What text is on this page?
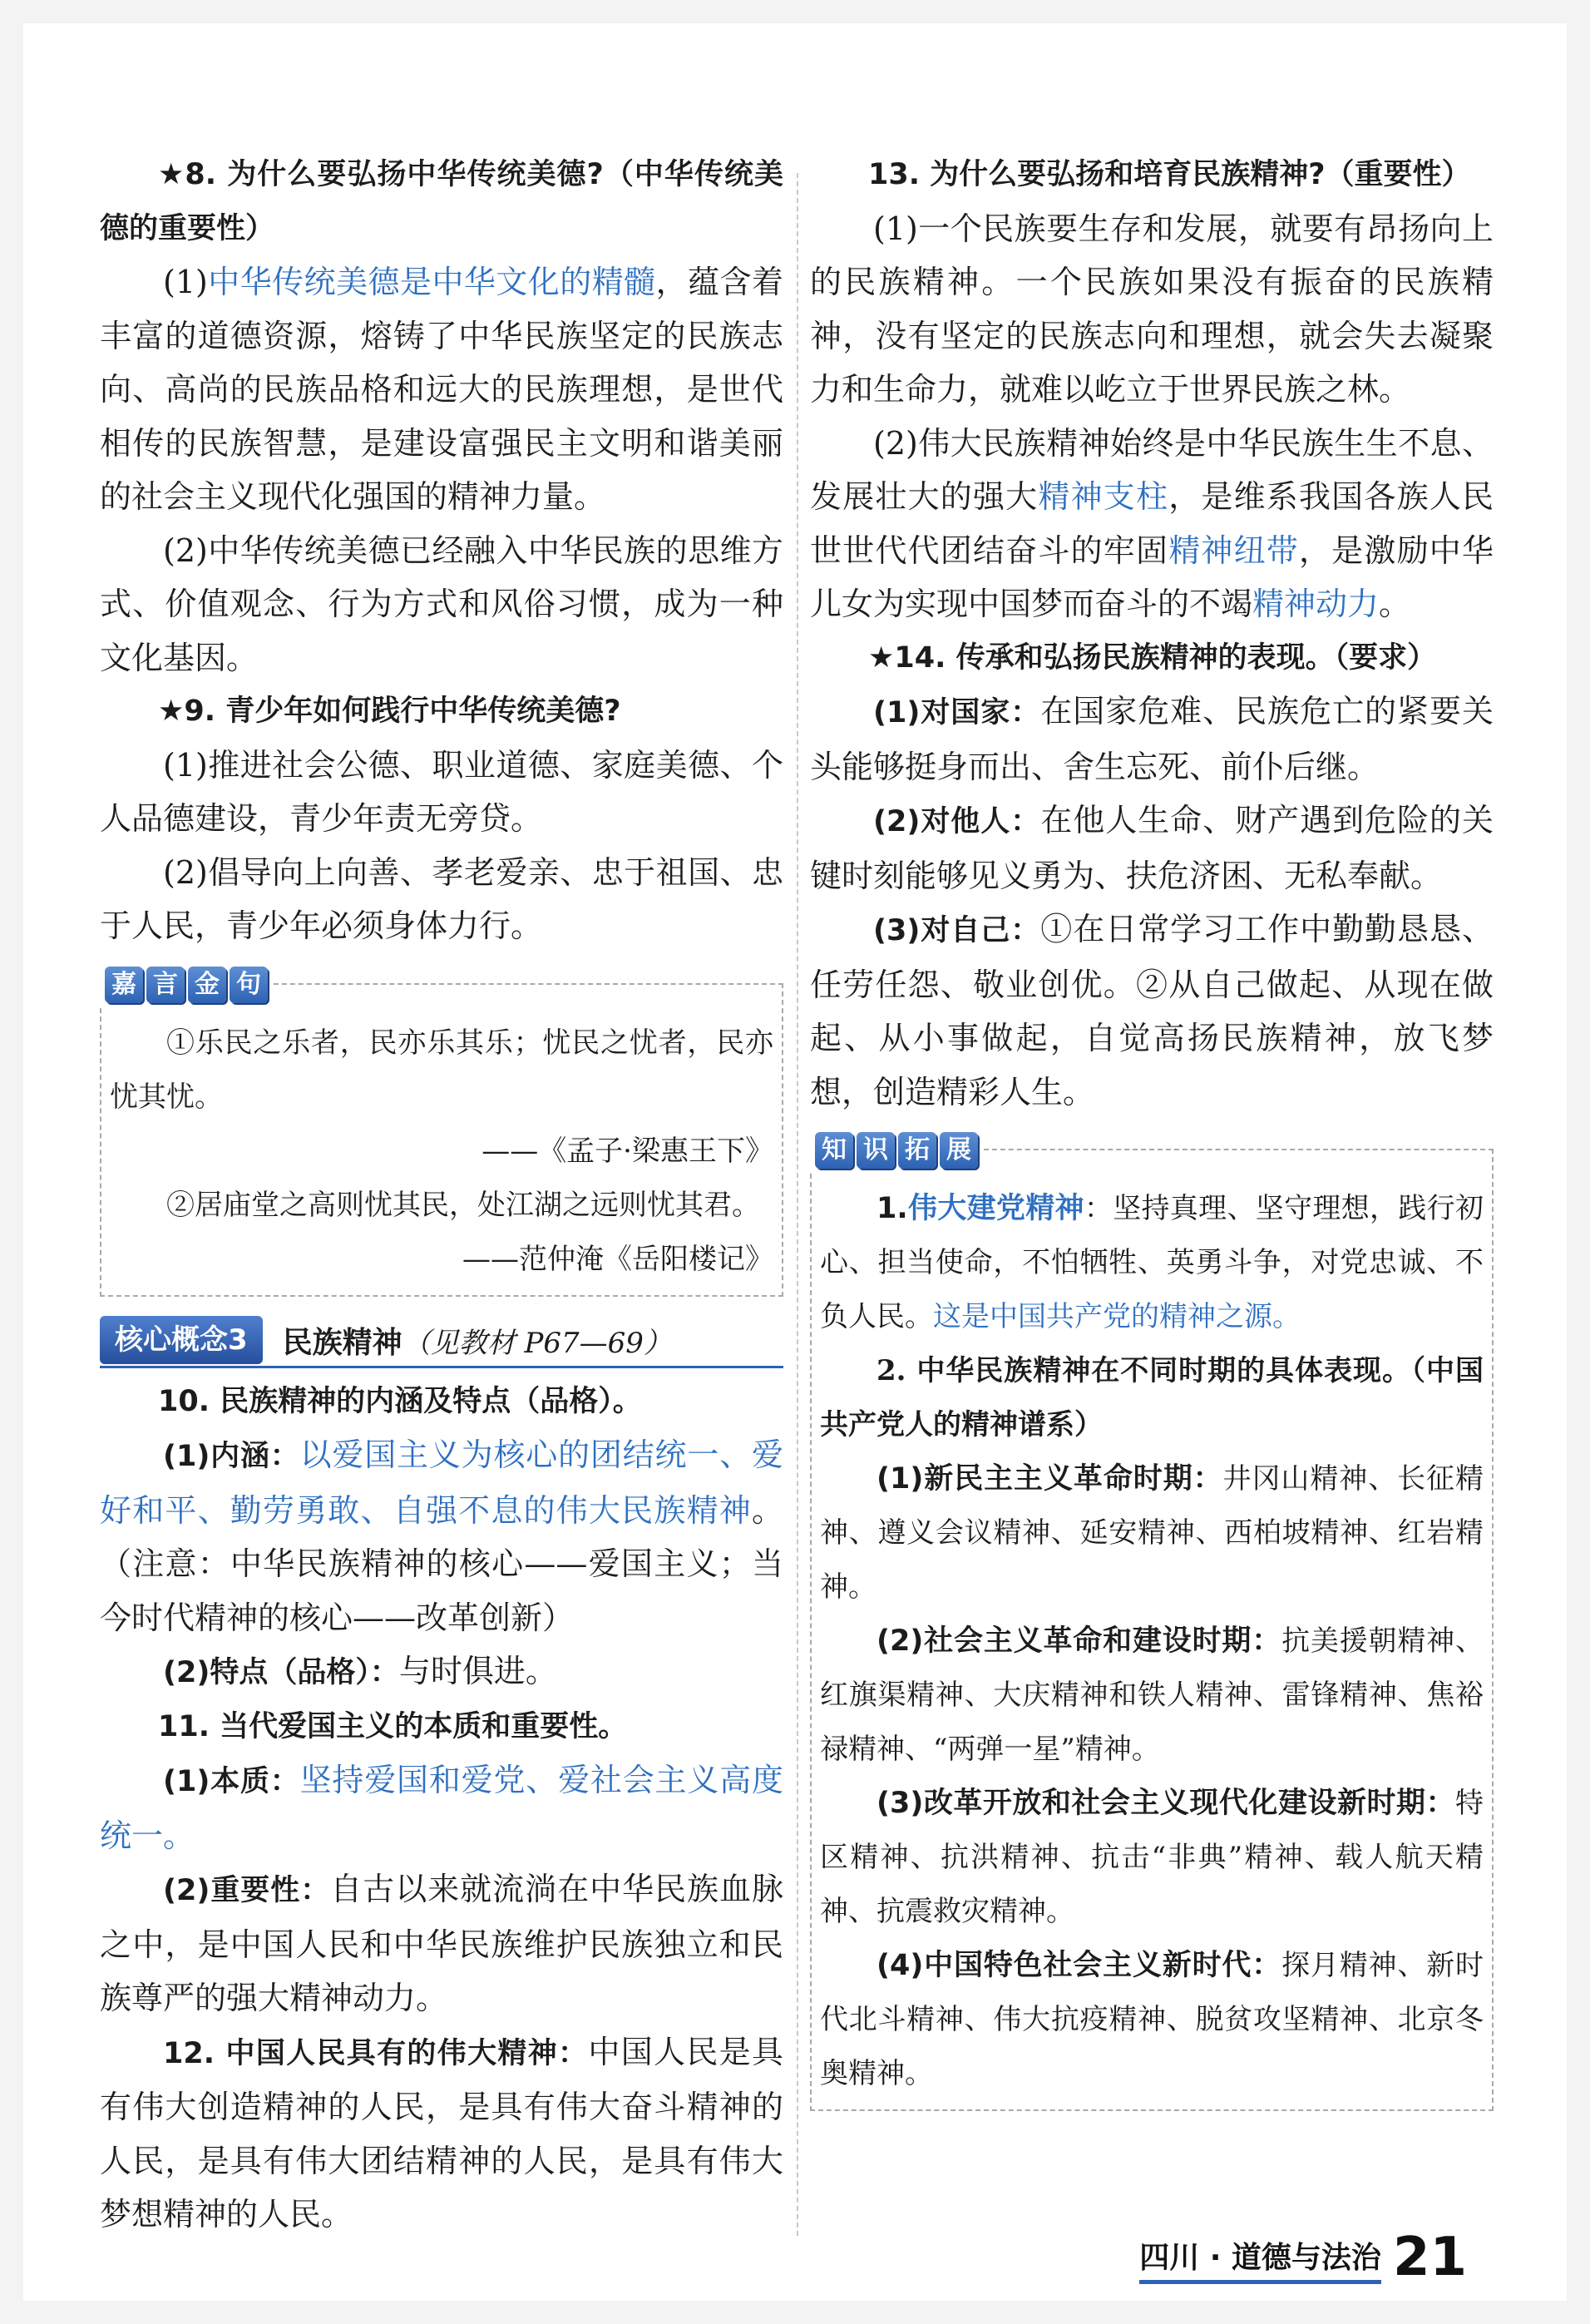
★8. 为什么要弘扬中华传统美德?（中华传统美德的重要性）

(1)中华传统美德是中华文化的精髓，蕴含着丰富的道德资源，熔铸了中华民族坚定的民族志向、高尚的民族品格和远大的民族理想，是世代相传的民族智慧，是建设富强民主文明和谐美丽的社会主义现代化强国的精神力量。

(2)中华传统美德已经融入中华民族的思维方式、价值观念、行为方式和风俗习惯，成为一种文化基因。

★9. 青少年如何践行中华传统美德?

(1)推进社会公德、职业道德、家庭美德、个人品德建设，青少年责无旁贷。

(2)倡导向上向善、孝老爱亲、忠于祖国、忠于人民，青少年必须身体力行。

嘉 言 金 句

①乐民之乐者，民亦乐其乐；忧民之忧者，民亦忧其忧。

——《孟子·梁惠王下》

②居庙堂之高则忧其民，处江湖之远则忧其君。

——范仲淹《岳阳楼记》

核心概念3	民族精神（见教材 P67—69）

10. 民族精神的内涵及特点（品格）。

(1)内涵：以爱国主义为核心的团结统一、爱好和平、勤劳勇敢、自强不息的伟大民族精神。（注意：中华民族精神的核心——爱国主义；当今时代精神的核心——改革创新）

(2)特点（品格）：与时俱进。

11. 当代爱国主义的本质和重要性。

(1)本质：坚持爱国和爱党、爱社会主义高度统一。

(2)重要性：自古以来就流淌在中华民族血脉之中，是中国人民和中华民族维护民族独立和民族尊严的强大精神动力。

12. 中国人民具有的伟大精神：中国人民是具有伟大创造精神的人民，是具有伟大奋斗精神的人民，是具有伟大团结精神的人民，是具有伟大梦想精神的人民。

13. 为什么要弘扬和培育民族精神?（重要性）

(1)一个民族要生存和发展，就要有昂扬向上的民族精神。一个民族如果没有振奋的民族精神，没有坚定的民族志向和理想，就会失去凝聚力和生命力，就难以屹立于世界民族之林。

(2)伟大民族精神始终是中华民族生生不息、发展壮大的强大精神支柱，是维系我国各族人民世世代代团结奋斗的牢固精神纽带，是激励中华儿女为实现中国梦而奋斗的不竭精神动力。

★14. 传承和弘扬民族精神的表现。（要求）

(1)对国家：在国家危难、民族危亡的紧要关头能够挺身而出、舍生忘死、前仆后继。

(2)对他人：在他人生命、财产遇到危险的关键时刻能够见义勇为、扶危济困、无私奉献。

(3)对自己：①在日常学习工作中勤勤恳恳、任劳任怨、敬业创优。②从自己做起、从现在做起、从小事做起，自觉高扬民族精神，放飞梦想，创造精彩人生。

知 识 拓 展

1.伟大建党精神：坚持真理、坚守理想，践行初心、担当使命，不怕牺牲、英勇斗争，对党忠诚、不负人民。这是中国共产党的精神之源。

2. 中华民族精神在不同时期的具体表现。（中国共产党人的精神谱系）

(1)新民主主义革命时期：井冈山精神、长征精神、遵义会议精神、延安精神、西柏坡精神、红岩精神。

(2)社会主义革命和建设时期：抗美援朝精神、红旗渠精神、大庆精神和铁人精神、雷锋精神、焦裕禄精神、“两弹一星”精神。

(3)改革开放和社会主义现代化建设新时期：特区精神、抗洪精神、抗击“非典”精神、载人航天精神、抗震救灾精神。

(4)中国特色社会主义新时代：探月精神、新时代北斗精神、伟大抗疫精神、脱贫攻坚精神、北京冬奥精神。

四川 · 道德与法治 21
